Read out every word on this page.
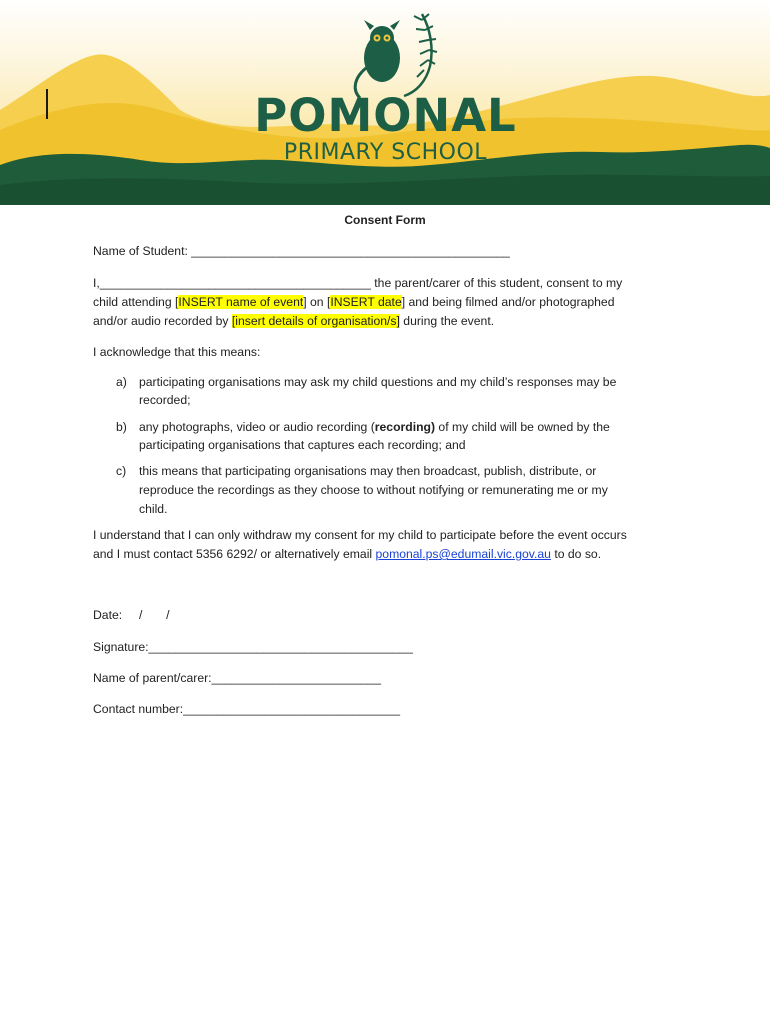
POMONAL
PRIMARY SCHOOL
Consent Form
Name of Student: _______________________________________________
I,________________________________________ the parent/carer of this student, consent to my
child attending [INSERT name of event] on [INSERT date] and being filmed and/or photographed
and/or audio recorded by [insert details of organisation/s] during the event.
I acknowledge that this means:
a) participating organisations may ask my child questions and my child’s responses may be
recorded;
b) any photographs, video or audio recording (recording) of my child will be owned by the
participating organisations that captures each recording; and
c) this means that participating organisations may then broadcast, publish, distribute, or
reproduce the recordings as they choose to without notifying or remunerating me or my
child.
I understand that I can only withdraw my consent for my child to participate before the event occurs
and I must contact 5356 6292/ or alternatively email pomonal.ps@edumail.vic.gov.au to do so.
Date:     /       /
Signature:_______________________________________
Name of parent/carer:_________________________
Contact number:________________________________
